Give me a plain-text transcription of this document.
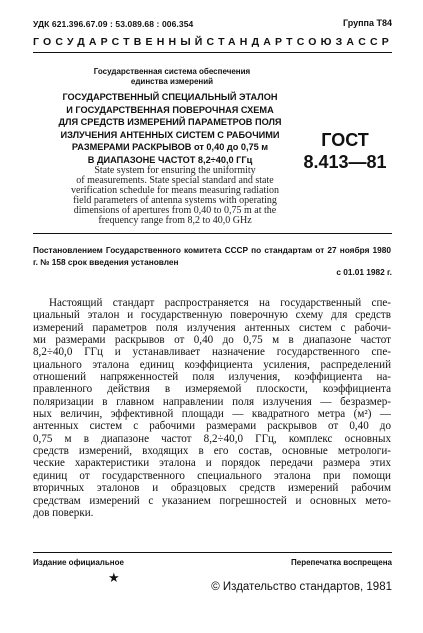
УДК 621.396.67.09 : 53.089.68 : 006.354	Группа Т84
ГОСУДАРСТВЕННЫЙ СТАНДАРТ СОЮЗА ССР
Государственная система обеспечения
единства измерений
ГОСУДАРСТВЕННЫЙ СПЕЦИАЛЬНЫЙ ЭТАЛОН
И ГОСУДАРСТВЕННАЯ ПОВЕРОЧНАЯ СХЕМА
ДЛЯ СРЕДСТВ ИЗМЕРЕНИЙ ПАРАМЕТРОВ ПОЛЯ
ИЗЛУЧЕНИЯ АНТЕННЫХ СИСТЕМ С РАБОЧИМИ
РАЗМЕРАМИ РАСКРЫВОВ от 0,40 до 0,75 м
В ДИАПАЗОНЕ ЧАСТОТ 8,2÷40,0 ГГц
ГОСТ
8.413—81
State system for ensuring the uniformity
of measurements. State special standard and state
verification schedule for means measuring radiation
field parameters of antenna systems with operating
dimensions of apertures from 0,40 to 0,75 m at the
frequency range from 8,2 to 40,0 GHz
Постановлением Государственного комитета СССР по стандартам от 27 ноября 1980 г. № 158 срок введения установлен
с 01.01 1982 г.
Настоящий стандарт распространяется на государственный спе-
циальный эталон и государственную поверочную схему для средств
измерений параметров поля излучения антенных систем с рабочи-
ми размерами раскрывов от 0,40 до 0,75 м в диапазоне частот
8,2÷40,0 ГГц и устанавливает назначение государственного спе-
циального эталона единиц коэффициента усиления, распределений
отношений напряженностей поля излучения, коэффициента на-
правленного действия в измеряемой плоскости, коэффициента
поляризации в главном направлении поля излучения — безразмер-
ных величин, эффективной площади — квадратного метра (м²) —
антенных систем с рабочими размерами раскрывов от 0,40 до
0,75 м в диапазоне частот 8,2÷40,0 ГГц, комплекс основных
средств измерений, входящих в его состав, основные метрологи-
ческие характеристики эталона и порядок передачи размера этих
единиц от государственного специального эталона при помощи
вторичных эталонов и образцовых средств измерений рабочим
средствам измерений с указанием погрешностей и основных мето-
дов поверки.
Издание официальное	Перепечатка воспрещена
★
© Издательство стандартов, 1981
